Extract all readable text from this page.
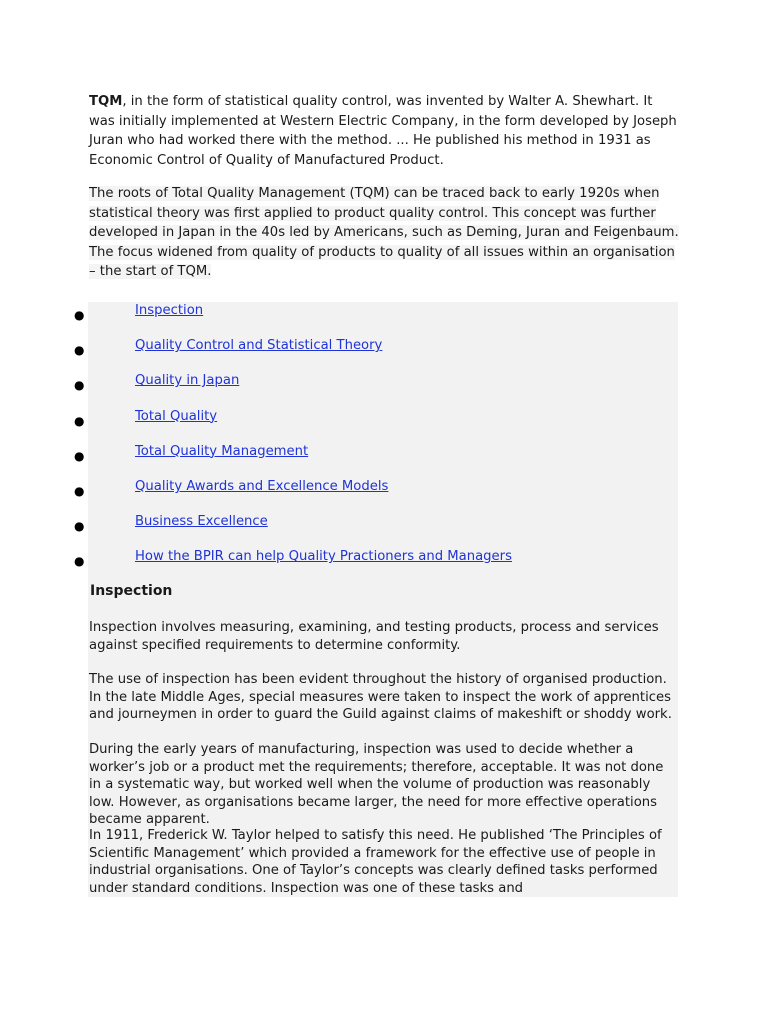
TQM, in the form of statistical quality control, was invented by Walter A. Shewhart. It was initially implemented at Western Electric Company, in the form developed by Joseph Juran who had worked there with the method. ... He published his method in 1931 as Economic Control of Quality of Manufactured Product.

The roots of Total Quality Management (TQM) can be traced back to early 1920s when statistical theory was first applied to product quality control. This concept was further developed in Japan in the 40s led by Americans, such as Deming, Juran and Feigenbaum. The focus widened from quality of products to quality of all issues within an organisation – the start of TQM.

●	Inspection
●	Quality Control and Statistical Theory
●	Quality in Japan
●	Total Quality
●	Total Quality Management
●	Quality Awards and Excellence Models
●	Business Excellence
●	How the BPIR can help Quality Practioners and Managers
Inspection

Inspection involves measuring, examining, and testing products, process and services against specified requirements to determine conformity.

The use of inspection has been evident throughout the history of organised production. In the late Middle Ages, special measures were taken to inspect the work of apprentices and journeymen in order to guard the Guild against claims of makeshift or shoddy work.

During the early years of manufacturing, inspection was used to decide whether a worker’s job or a product met the requirements; therefore, acceptable. It was not done in a systematic way, but worked well when the volume of production was reasonably low. However, as organisations became larger, the need for more effective operations became apparent.

In 1911, Frederick W. Taylor helped to satisfy this need. He published ‘The Principles of Scientific Management’ which provided a framework for the effective use of people in industrial organisations. One of Taylor’s concepts was clearly defined tasks performed under standard conditions. Inspection was one of these tasks and
